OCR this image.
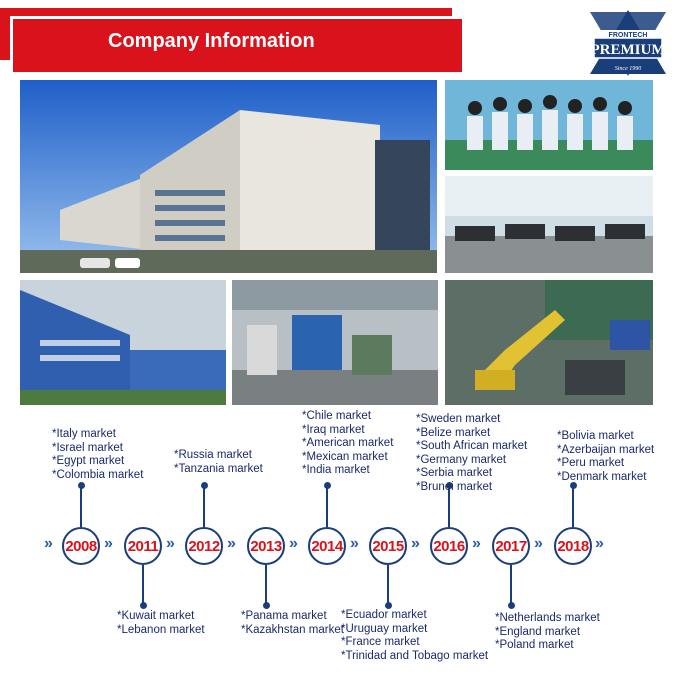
Company Information	FRONTECH
PREMIUM
Since 1990
»	»	»	»	»	»	»	»	»	»
2008
*Italy market
*Israel market
*Egypt market
*Colombia market
2011
*Kuwait market
*Lebanon market
2012
*Russia market
*Tanzania market
2013
*Panama market
*Kazakhstan market
2014
*Chile market
*Iraq market
*American market
*Mexican market
*India market
2015
*Ecuador market
*Uruguay market
*France market
*Trinidad and Tobago market
2016
*Sweden market
*Belize market
*South African market
*Germany market
*Serbia market
*Brunei market
2017
*Netherlands market
*England market
*Poland market
2018
*Bolivia market
*Azerbaijan market
*Peru market
*Denmark market
